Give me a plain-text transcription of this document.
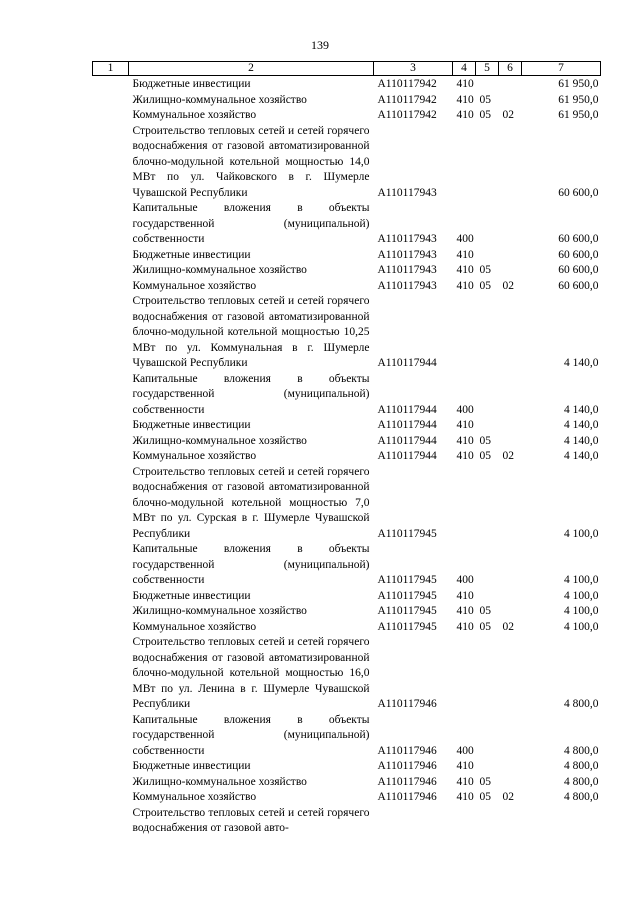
139
1	2	3	4	5	6	7
	Бюджетные инвестиции	А110117942	410			61 950,0
	Жилищно-коммунальное хозяйство	А110117942	410	05		61 950,0
	Коммунальное хозяйство	А110117942	410	05	02	61 950,0
	Строительство тепловых сетей и сетей горячего водоснабжения от газовой автоматизированной блочно-модульной котельной мощностью 14,0 МВт по ул. Чайковского в г. Шумерле Чувашской Республики	А110117943				60 600,0
	Капитальные вложения в объекты государственной (муниципальной) собственности	А110117943	400			60 600,0
	Бюджетные инвестиции	А110117943	410			60 600,0
	Жилищно-коммунальное хозяйство	А110117943	410	05		60 600,0
	Коммунальное хозяйство	А110117943	410	05	02	60 600,0
	Строительство тепловых сетей и сетей горячего водоснабжения от газовой автоматизированной блочно-модульной котельной мощностью 10,25 МВт по ул. Коммунальная в г. Шумерле Чувашской Республики	А110117944				4 140,0
	Капитальные вложения в объекты государственной (муниципальной) собственности	А110117944	400			4 140,0
	Бюджетные инвестиции	А110117944	410			4 140,0
	Жилищно-коммунальное хозяйство	А110117944	410	05		4 140,0
	Коммунальное хозяйство	А110117944	410	05	02	4 140,0
	Строительство тепловых сетей и сетей горячего водоснабжения от газовой автоматизированной блочно-модульной котельной мощностью 7,0 МВт по ул. Сурская в г. Шумерле Чувашской Республики	А110117945				4 100,0
	Капитальные вложения в объекты государственной (муниципальной) собственности	А110117945	400			4 100,0
	Бюджетные инвестиции	А110117945	410			4 100,0
	Жилищно-коммунальное хозяйство	А110117945	410	05		4 100,0
	Коммунальное хозяйство	А110117945	410	05	02	4 100,0
	Строительство тепловых сетей и сетей горячего водоснабжения от газовой автоматизированной блочно-модульной котельной мощностью 16,0 МВт по ул. Ленина в г. Шумерле Чувашской Республики	А110117946				4 800,0
	Капитальные вложения в объекты государственной (муниципальной) собственности	А110117946	400			4 800,0
	Бюджетные инвестиции	А110117946	410			4 800,0
	Жилищно-коммунальное хозяйство	А110117946	410	05		4 800,0
	Коммунальное хозяйство	А110117946	410	05	02	4 800,0
	Строительство тепловых сетей и сетей горячего водоснабжения от газовой авто-					
